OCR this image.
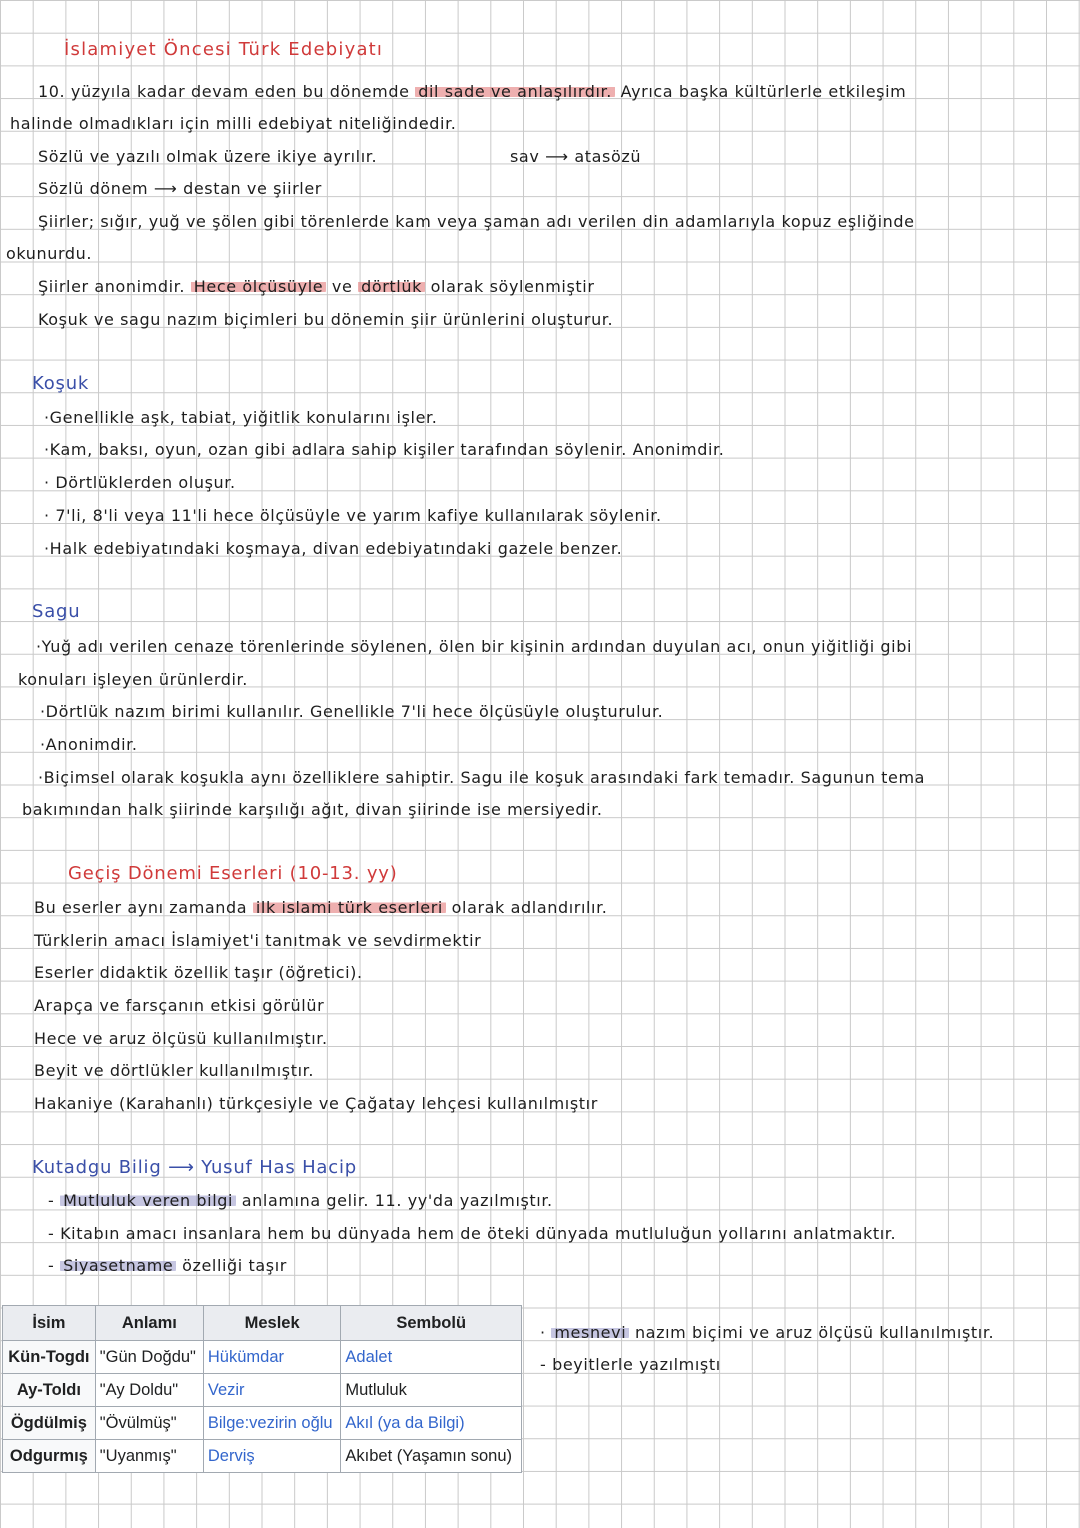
İslamiyet Öncesi Türk Edebiyatı
10. yüzyıla kadar devam eden bu dönemde dil sade ve anlaşılırdır. Ayrıca başka kültürlerle etkileşim
halinde olmadıkları için milli edebiyat niteliğindedir.
Sözlü ve yazılı olmak üzere ikiye ayrılır.	sav ⟶ atasözü
Sözlü dönem ⟶ destan ve şiirler
Şiirler; sığır, yuğ ve şölen gibi törenlerde kam veya şaman adı verilen din adamlarıyla kopuz eşliğinde
okunurdu.
Şiirler anonimdir. Hece ölçüsüyle ve dörtlük olarak söylenmiştir
Koşuk ve sagu nazım biçimleri bu dönemin şiir ürünlerini oluşturur.
Koşuk
·Genellikle aşk, tabiat, yiğitlik konularını işler.
·Kam, baksı, oyun, ozan gibi adlara sahip kişiler tarafından söylenir. Anonimdir.
· Dörtlüklerden oluşur.
· 7'li, 8'li veya 11'li hece ölçüsüyle ve yarım kafiye kullanılarak söylenir.
·Halk edebiyatındaki koşmaya, divan edebiyatındaki gazele benzer.
Sagu
·Yuğ adı verilen cenaze törenlerinde söylenen, ölen bir kişinin ardından duyulan acı, onun yiğitliği gibi
konuları işleyen ürünlerdir.
·Dörtlük nazım birimi kullanılır. Genellikle 7'li hece ölçüsüyle oluşturulur.
·Anonimdir.
·Biçimsel olarak koşukla aynı özelliklere sahiptir. Sagu ile koşuk arasındaki fark temadır. Sagunun tema
bakımından halk şiirinde karşılığı ağıt, divan şiirinde ise mersiyedir.
Geçiş Dönemi Eserleri (10-13. yy)
Bu eserler aynı zamanda ilk islami türk eserleri olarak adlandırılır.
Türklerin amacı İslamiyet'i tanıtmak ve sevdirmektir
Eserler didaktik özellik taşır (öğretici).
Arapça ve farsçanın etkisi görülür
Hece ve aruz ölçüsü kullanılmıştır.
Beyit ve dörtlükler kullanılmıştır.
Hakaniye (Karahanlı) türkçesiyle ve Çağatay lehçesi kullanılmıştır
Kutadgu Bilig ⟶ Yusuf Has Hacip
- Mutluluk veren bilgi anlamına gelir. 11. yy'da yazılmıştır.
- Kitabın amacı insanlara hem bu dünyada hem de öteki dünyada mutluluğun yollarını anlatmaktır.
- Siyasetname özelliği taşır
· mesnevi nazım biçimi ve aruz ölçüsü kullanılmıştır.
- beyitlerle yazılmıştı
İsim	Anlamı	Meslek	Sembolü
Kün-Togdı	"Gün Doğdu"	Hükümdar	Adalet
Ay-Toldı	"Ay Doldu"	Vezir	Mutluluk
Ögdülmiş	"Övülmüş"	Bilge:vezirin oğlu	Akıl (ya da Bilgi)
Odgurmış	"Uyanmış"	Derviş	Akıbet (Yaşamın sonu)
